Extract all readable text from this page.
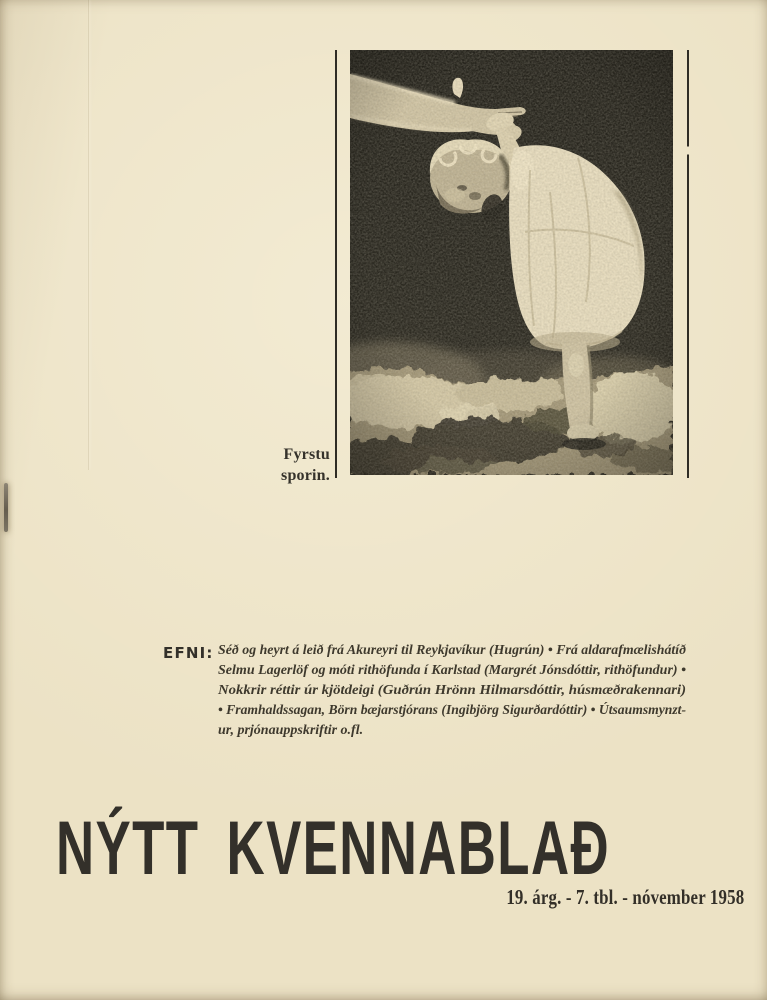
Fyrstu
sporin.
EFNI: Séð og heyrt á leið frá Akureyri til Reykjavíkur (Hugrún) • Frá aldarafmælishátíð
Selmu Lagerlöf og móti rithöfunda í Karlstad (Margrét Jónsdóttir, rithöfundur) •
Nokkrir réttir úr kjötdeigi (Guðrún Hrönn Hilmarsdóttir, húsmæðrakennari)
• Framhaldssagan, Börn bæjarstjórans (Ingibjörg Sigurðardóttir) • Útsaumsmynzt-
ur, prjónauppskriftir o.fl.
NÝTT KVENNABLAÐ
19. árg. - 7. tbl. - nóvember 1958
